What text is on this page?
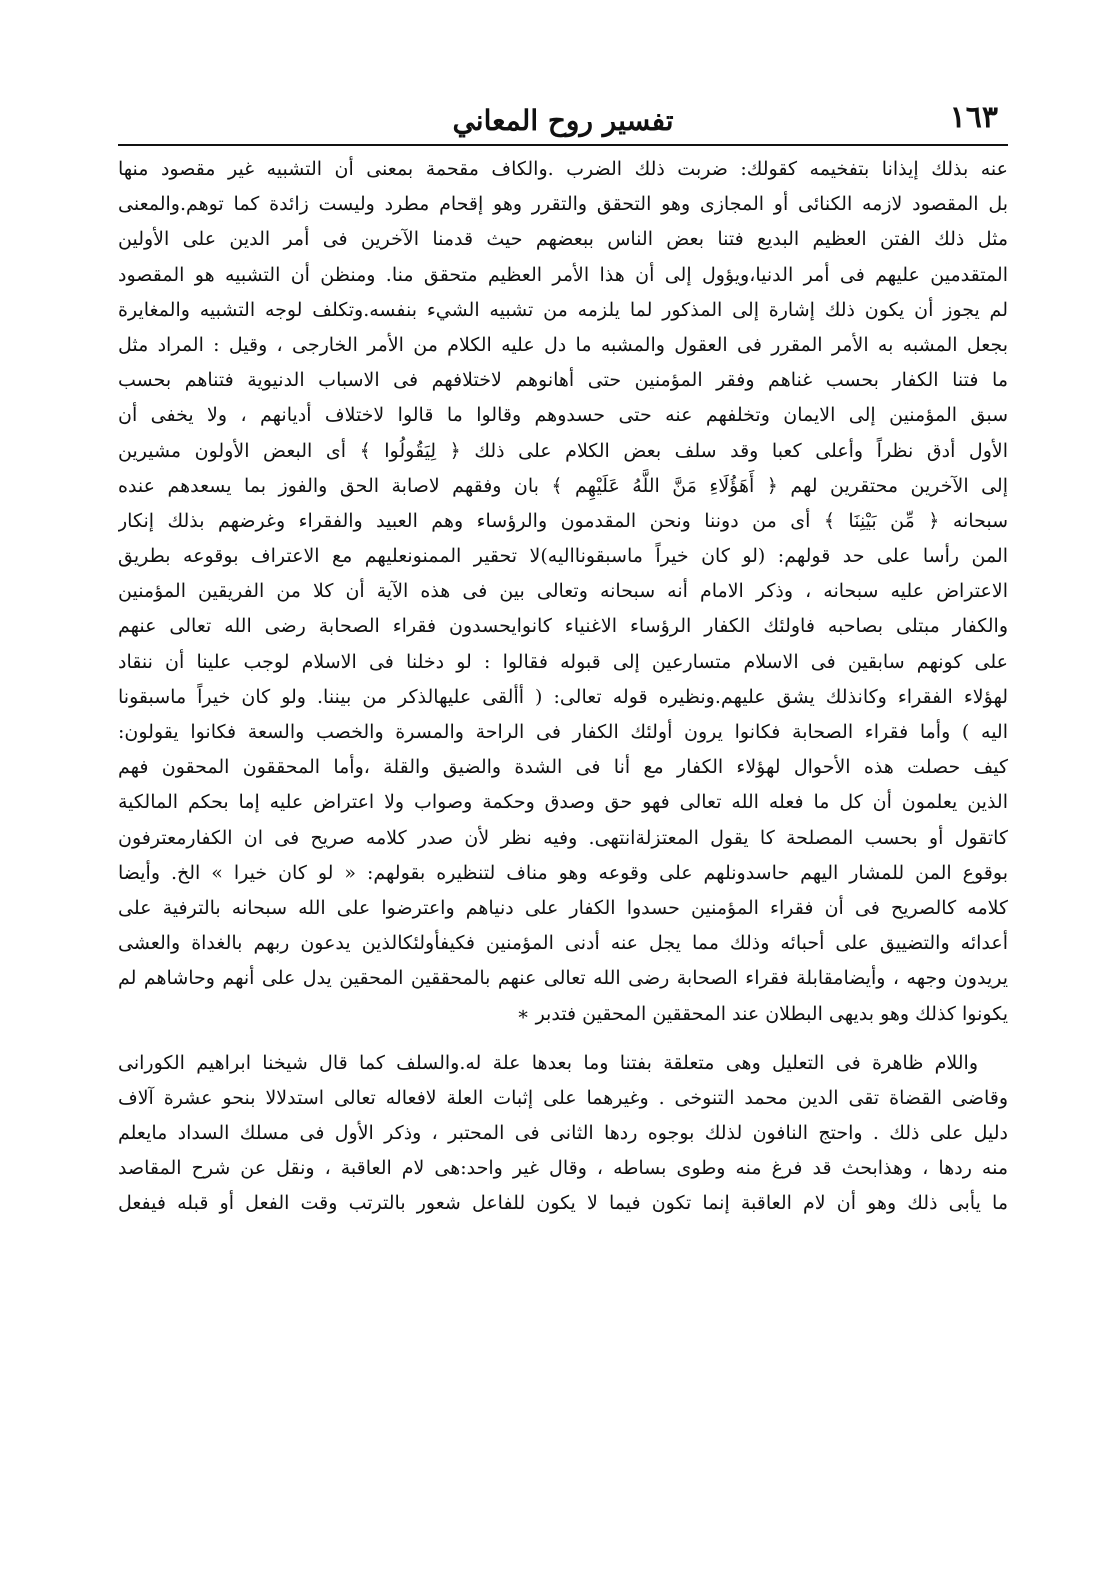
١٦٣
تفسير روح المعاني
عنه بذلك إيذانا بتفخيمه كقولك: ضربت ذلك الضرب .والكاف مقحمة بمعنى أن التشبيه غير مقصود منها
بل المقصود لازمه الكنائى أو المجازى وهو التحقق والتقرر وهو إقحام مطرد وليست زائدة كما توهم.والمعنى
مثل ذلك الفتن العظيم البديع فتنا بعض الناس ببعضهم حيث قدمنا الآخرين فى أمر الدين على الأولين
المتقدمين عليهم فى أمر الدنيا،ويؤول إلى أن هذا الأمر العظيم متحقق منا. ومنظن أن التشبيه هو المقصود
لم يجوز أن يكون ذلك إشارة إلى المذكور لما يلزمه من تشبيه الشيء بنفسه.وتكلف لوجه التشبيه والمغايرة
بجعل المشبه به الأمر المقرر فى العقول والمشبه ما دل عليه الكلام من الأمر الخارجى ، وقيل : المراد مثل
ما فتنا الكفار بحسب غناهم وفقر المؤمنين حتى أهانوهم لاختلافهم فى الاسباب الدنيوية فتناهم بحسب
سبق المؤمنين إلى الايمان وتخلفهم عنه حتى حسدوهم وقالوا ما قالوا لاختلاف أديانهم ، ولا يخفى أن
الأول أدق نظراً وأعلى كعبا وقد سلف بعض الكلام على ذلك ﴿ لِيَقُولُوا ﴾ أى البعض الأولون مشيرين
إلى الآخرين محتقرين لهم ﴿ أَهَؤُلَاءِ مَنَّ اللَّهُ عَلَيْهِم ﴾ بان وفقهم لاصابة الحق والفوز بما يسعدهم عنده
سبحانه ﴿ مِّن بَيْنِنَا ﴾ أى من دوننا ونحن المقدمون والرؤساء وهم العبيد والفقراء وغرضهم بذلك إنكار
المن رأسا على حد قولهم: (لو كان خيراً ماسبقونااليه)لا تحقير الممنونعليهم مع الاعتراف بوقوعه بطريق
الاعتراض عليه سبحانه ، وذكر الامام أنه سبحانه وتعالى بين فى هذه الآية أن كلا من الفريقين المؤمنين
والكفار مبتلى بصاحبه فاولئك الكفار الرؤساء الاغنياء كانوايحسدون فقراء الصحابة رضى الله تعالى عنهم
على كونهم سابقين فى الاسلام متسارعين إلى قبوله فقالوا : لو دخلنا فى الاسلام لوجب علينا أن ننقاد
لهؤلاء الفقراء وكانذلك يشق عليهم.ونظيره قوله تعالى: ( أألقى عليهالذكر من بيننا. ولو كان خيراً ماسبقونا
اليه ) وأما فقراء الصحابة فكانوا يرون أولئك الكفار فى الراحة والمسرة والخصب والسعة فكانوا يقولون:
كيف حصلت هذه الأحوال لهؤلاء الكفار مع أنا فى الشدة والضيق والقلة ،وأما المحققون المحقون فهم
الذين يعلمون أن كل ما فعله الله تعالى فهو حق وصدق وحكمة وصواب ولا اعتراض عليه إما بحكم المالكية
كاتقول أو بحسب المصلحة كا يقول المعتزلةانتهى. وفيه نظر لأن صدر كلامه صريح فى ان الكفارمعترفون
بوقوع المن للمشار اليهم حاسدونلهم على وقوعه وهو مناف لتنظيره بقولهم: « لو كان خيرا » الخ. وأيضا
كلامه كالصريح فى أن فقراء المؤمنين حسدوا الكفار على دنياهم واعترضوا على الله سبحانه بالترفية على
أعدائه والتضييق على أحبائه وذلك مما يجل عنه أدنى المؤمنين فكيفأولئكالذين يدعون ربهم بالغداة والعشى
يريدون وجهه ، وأيضامقابلة فقراء الصحابة رضى الله تعالى عنهم بالمحققين المحقين يدل على أنهم وحاشاهم لم
يكونوا كذلك وهو بديهى البطلان عند المحققين المحقين فتدبر ∗
واللام ظاهرة فى التعليل وهى متعلقة بفتنا وما بعدها علة له.والسلف كما قال شيخنا ابراهيم الكورانى
وقاضى القضاة تقى الدين محمد التنوخى . وغيرهما على إثبات العلة لافعاله تعالى استدلالا بنحو عشرة آلاف
دليل على ذلك . واحتج النافون لذلك بوجوه ردها الثانى فى المحتبر ، وذكر الأول فى مسلك السداد مايعلم
منه ردها ، وهذابحث قد فرغ منه وطوى بساطه ، وقال غير واحد:هى لام العاقبة ، ونقل عن شرح المقاصد
ما يأبى ذلك وهو أن لام العاقبة إنما تكون فيما لا يكون للفاعل شعور بالترتب وقت الفعل أو قبله فيفعل
